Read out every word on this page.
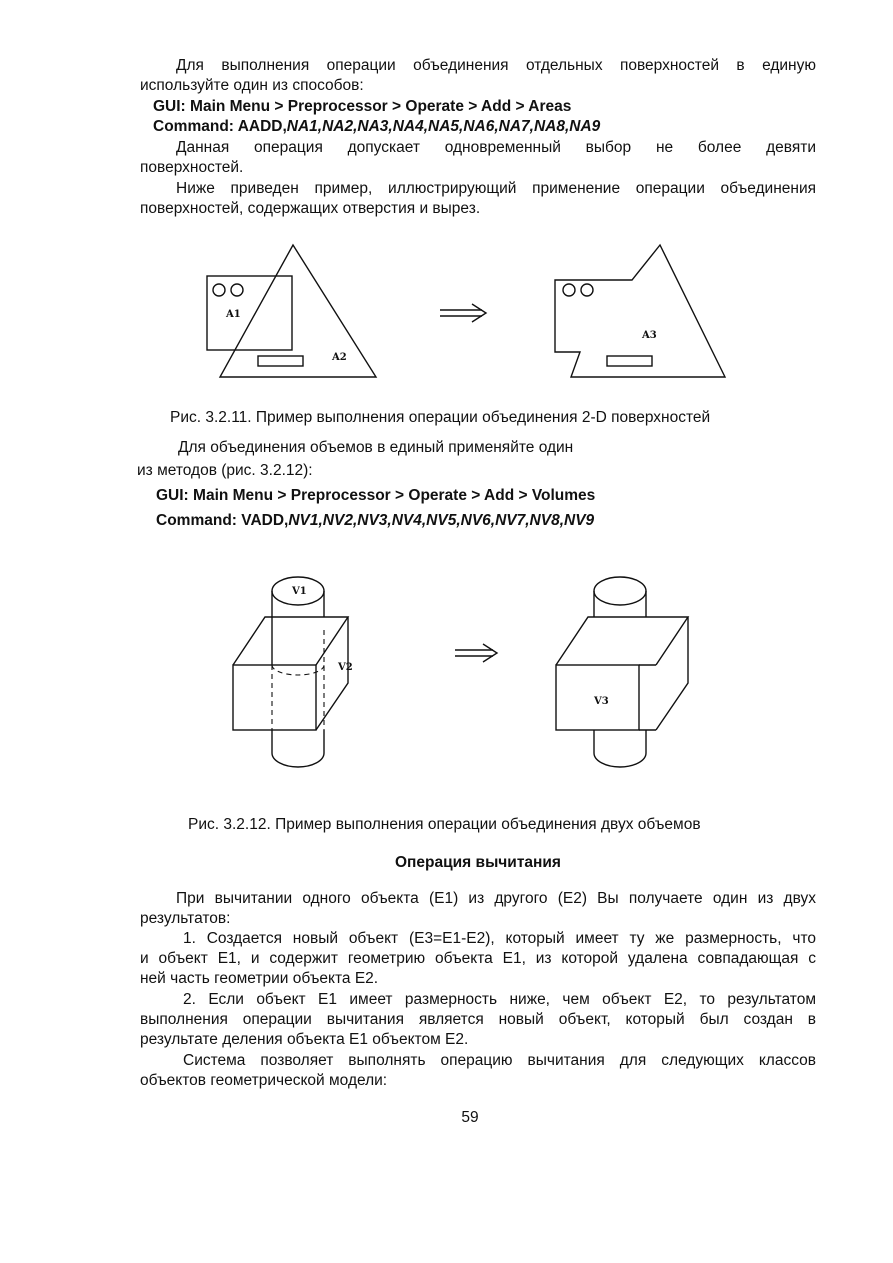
Для выполнения операции объединения отдельных поверхностей в единую
используйте один из способов:
GUI: Main Menu > Preprocessor > Operate > Add > Areas
Command: AADD,NA1,NA2,NA3,NA4,NA5,NA6,NA7,NA8,NA9
Данная операция допускает одновременный выбор не более девяти
поверхностей.
Ниже приведен пример, иллюстрирующий применение операции объединения
поверхностей, содержащих отверстия и вырез.
A1
A2
A3
Рис. 3.2.11. Пример выполнения операции объединения 2-D поверхностей
Для объединения объемов в единый применяйте один
из методов (рис. 3.2.12):
GUI: Main Menu > Preprocessor > Operate > Add > Volumes
Command: VADD,NV1,NV2,NV3,NV4,NV5,NV6,NV7,NV8,NV9
V1
V2
V3
Рис. 3.2.12. Пример выполнения операции объединения двух объемов
Операция вычитания
При вычитании одного объекта (E1) из другого (E2) Вы получаете один из двух
результатов:
1. Создается новый объект (E3=E1-E2), который имеет ту же размерность, что
и объект E1, и содержит геометрию объекта E1, из которой удалена совпадающая с
ней часть геометрии объекта E2.
2. Если объект E1 имеет размерность ниже, чем объект E2, то результатом
выполнения операции вычитания является новый объект, который был создан в
результате деления объекта E1 объектом E2.
Система позволяет выполнять операцию вычитания для следующих классов
объектов геометрической модели:
59
